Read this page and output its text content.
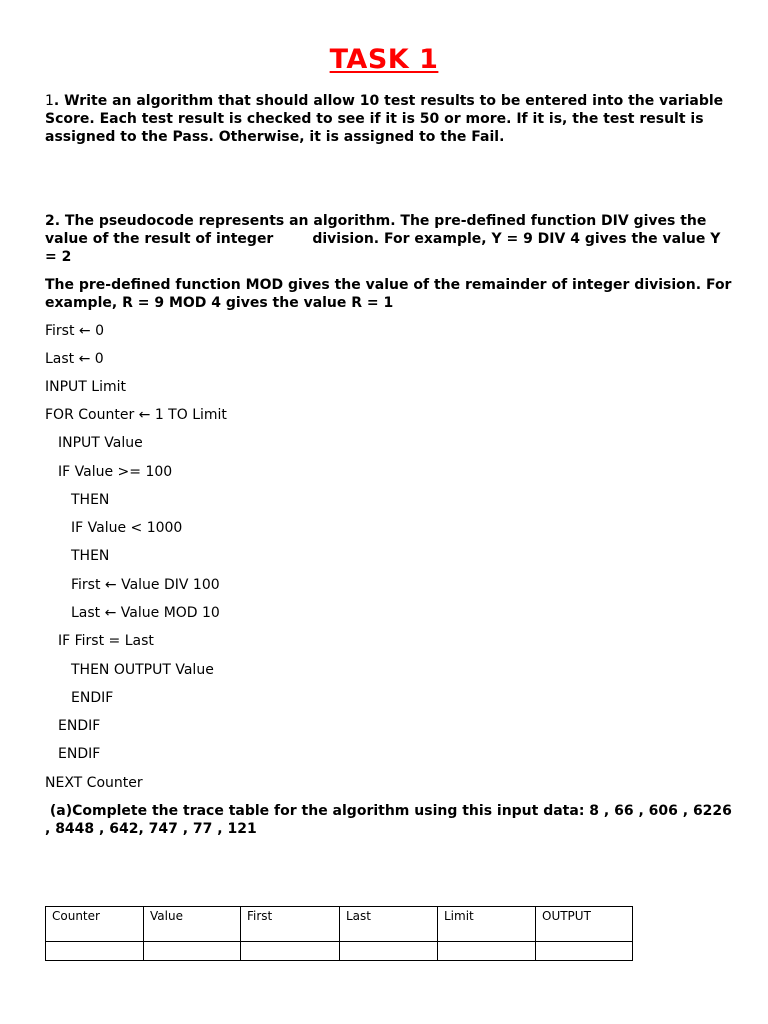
TASK 1
1. Write an algorithm that should allow 10 test results to be entered into the variable Score. Each test result is checked to see if it is 50 or more. If it is, the test result is assigned to the Pass. Otherwise, it is assigned to the Fail.
2. The pseudocode represents an algorithm. The pre-defined function DIV gives the value of the result of integer        division. For example, Y = 9 DIV 4 gives the value Y = 2
The pre-defined function MOD gives the value of the remainder of integer division. For example, R = 9 MOD 4 gives the value R = 1
First ← 0
Last ← 0
INPUT Limit
FOR Counter ← 1 TO Limit
INPUT Value
IF Value >= 100
THEN
IF Value < 1000
THEN
First ← Value DIV 100
Last ← Value MOD 10
IF First = Last
THEN OUTPUT Value
ENDIF
ENDIF
ENDIF
NEXT Counter
(a)Complete the trace table for the algorithm using this input data: 8 , 66 , 606 , 6226 , 8448 , 642, 747 , 77 , 121
Counter	Value	First	Last	Limit	OUTPUT
